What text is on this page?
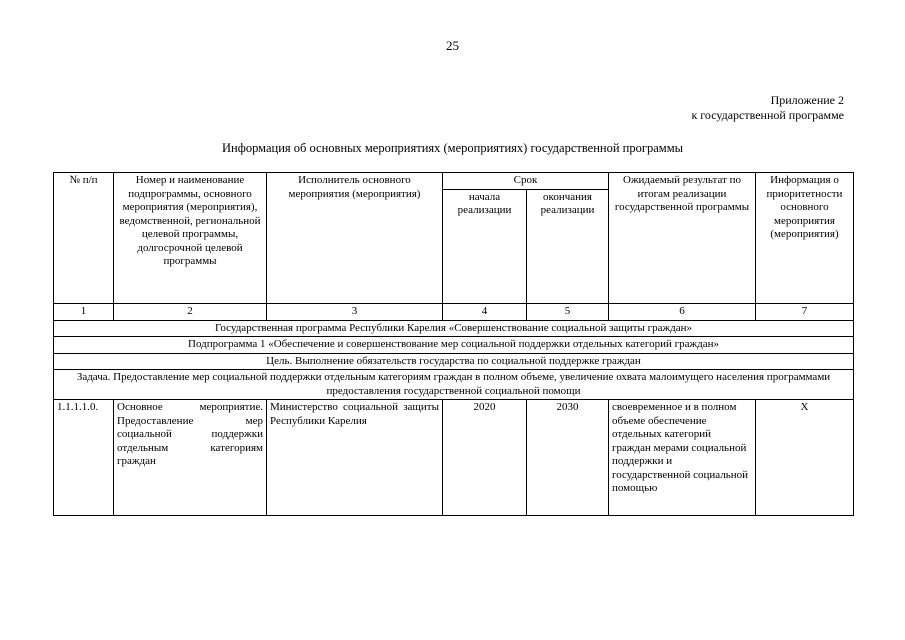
25
Приложение 2
к государственной программе
Информация об основных мероприятиях (мероприятиях) государственной программы
№ п/п	Номер и наименование подпрограммы, основного мероприятия (мероприятия), ведомственной, региональной целевой программы, долгосрочной целевой программы	Исполнитель основного мероприятия (мероприятия)	Срок		Ожидаемый результат по итогам реализации государственной программы	Информация о приоритетности основного мероприятия (мероприятия)
			начала реализации	окончания реализации		
1	2	3	4	5	6	7
Государственная программа Республики Карелия «Совершенствование социальной защиты граждан»						
Подпрограмма 1 «Обеспечение и совершенствование мер социальной поддержки отдельных категорий граждан»						
Цель. Выполнение обязательств государства по социальной поддержке граждан						
Задача. Предоставление мер социальной поддержки отдельным категориям граждан в полном объеме, увеличение охвата малоимущего населения программами предоставления государственной социальной помощи						
1.1.1.1.0.	Основное мероприятие. Предоставление мер социальной поддержки отдельным категориям граждан	Министерство социальной защиты Республики Карелия	2020	2030	своевременное и в полном объеме обеспечение отдельных категорий граждан мерами социальной поддержки и государственной социальной помощью	Х
